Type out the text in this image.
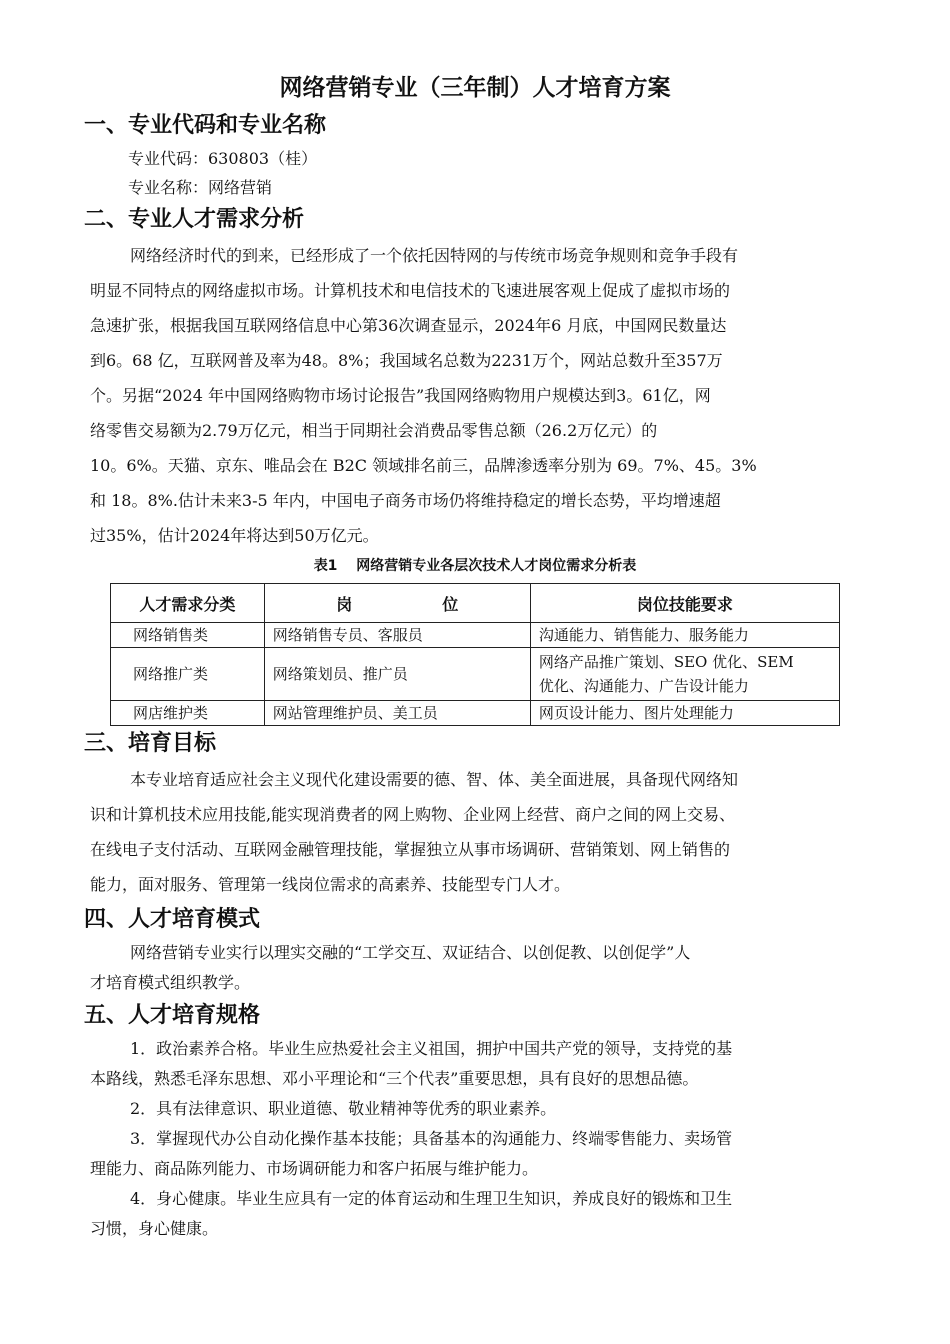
网络营销专业（三年制）人才培育方案
一、专业代码和专业名称

专业代码：630803（桂）

专业名称：网络营销

二、专业人才需求分析

网络经济时代的到来，已经形成了一个依托因特网的与传统市场竞争规则和竞争手段有

明显不同特点的网络虚拟市场。计算机技术和电信技术的飞速进展客观上促成了虚拟市场的

急速扩张，根据我国互联网络信息中心第36次调查显示，2024年6 月底，中国网民数量达

到6。68 亿，互联网普及率为48。8%；我国域名总数为2231万个，网站总数升至357万

个。另据“2024 年中国网络购物市场讨论报告”我国网络购物用户规模达到3。61亿，网

络零售交易额为2.79万亿元，相当于同期社会消费品零售总额（26.2万亿元）的

10。6%。天猫、京东、唯品会在 B2C 领域排名前三，品牌渗透率分别为 69。7%、45。3%

和 18。8%.估计未来3-5 年内，中国电子商务市场仍将维持稳定的增长态势，平均增速超

过35%，估计2024年将达到50万亿元。

表1　 网络营销专业各层次技术人才岗位需求分析表
人才需求分类	岗 位	岗位技能要求
网络销售类	网络销售专员、客服员	沟通能力、销售能力、服务能力
网络推广类	网络策划员、推广员	网络产品推广策划、SEO 优化、SEM
优化、沟通能力、广告设计能力

网店维护类	网站管理维护员、美工员	网页设计能力、图片处理能力
三、培育目标

本专业培育适应社会主义现代化建设需要的德、智、体、美全面进展，具备现代网络知

识和计算机技术应用技能,能实现消费者的网上购物、企业网上经营、商户之间的网上交易、

在线电子支付活动、互联网金融管理技能，掌握独立从事市场调研、营销策划、网上销售的

能力，面对服务、管理第一线岗位需求的高素养、技能型专门人才。

四、人才培育模式

网络营销专业实行以理实交融的“工学交互、双证结合、以创促教、以创促学”人

才培育模式组织教学。

五、人才培育规格

1．政治素养合格。毕业生应热爱社会主义祖国，拥护中国共产党的领导，支持党的基

本路线，熟悉毛泽东思想、邓小平理论和“三个代表”重要思想，具有良好的思想品德。

2．具有法律意识、职业道德、敬业精神等优秀的职业素养。

3．掌握现代办公自动化操作基本技能；具备基本的沟通能力、终端零售能力、卖场管

理能力、商品陈列能力、市场调研能力和客户拓展与维护能力。

4．身心健康。毕业生应具有一定的体育运动和生理卫生知识，养成良好的锻炼和卫生

习惯，身心健康。
